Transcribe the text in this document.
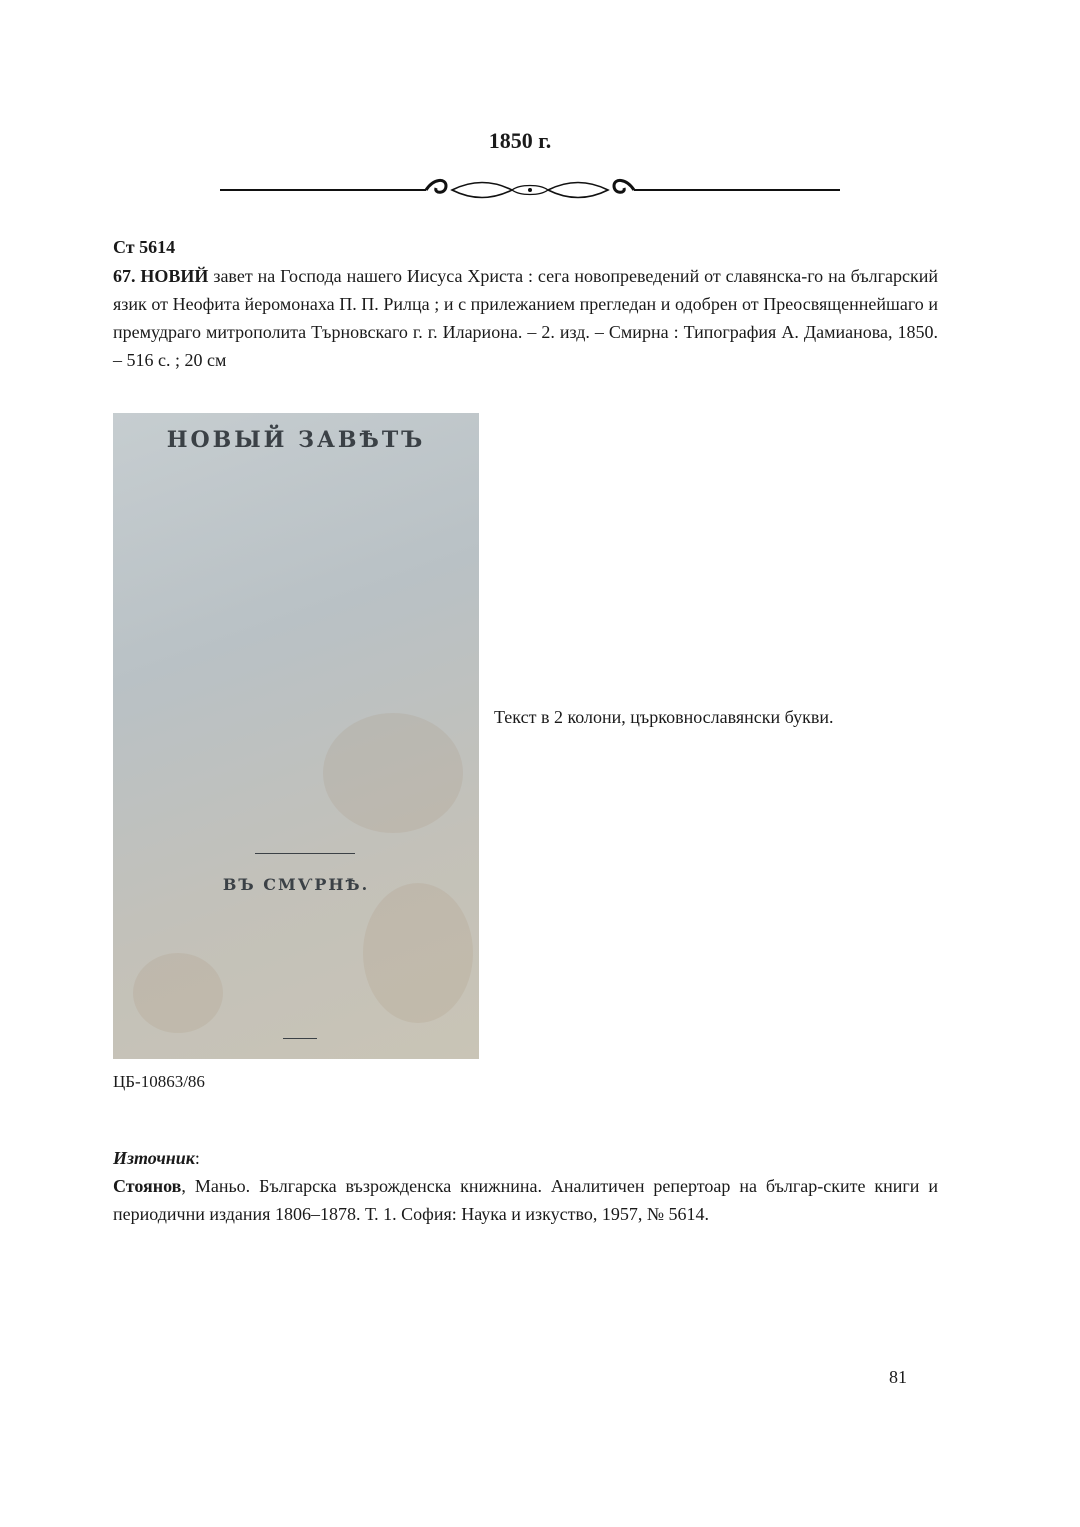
1850 г.
Ст 5614
67. НОВИЙ завет на Господа нашего Иисуса Христа : сега новопреведений от славянска-го на българский язик от Неофита йеромонаха П. П. Рилца ; и с прилежанием прегледан и одобрен от Преосвященнейшаго и премудраго митрополита Търновскаго г. г. Илариона. – 2. изд. – Смирна : Типография А. Дамианова, 1850. – 516 с. ; 20 см
НОВЫЙ ЗАВѢТЪ
ВЪ СМѴРНѢ.
Текст в 2 колони, църковнославянски букви.
ЦБ-10863/86
Източник:
Стоянов, Маньо. Българска възрожденска книжнина. Аналитичен репертоар на българ-ските книги и периодични издания 1806–1878. Т. 1. София: Наука и изкуство, 1957, № 5614.
81
